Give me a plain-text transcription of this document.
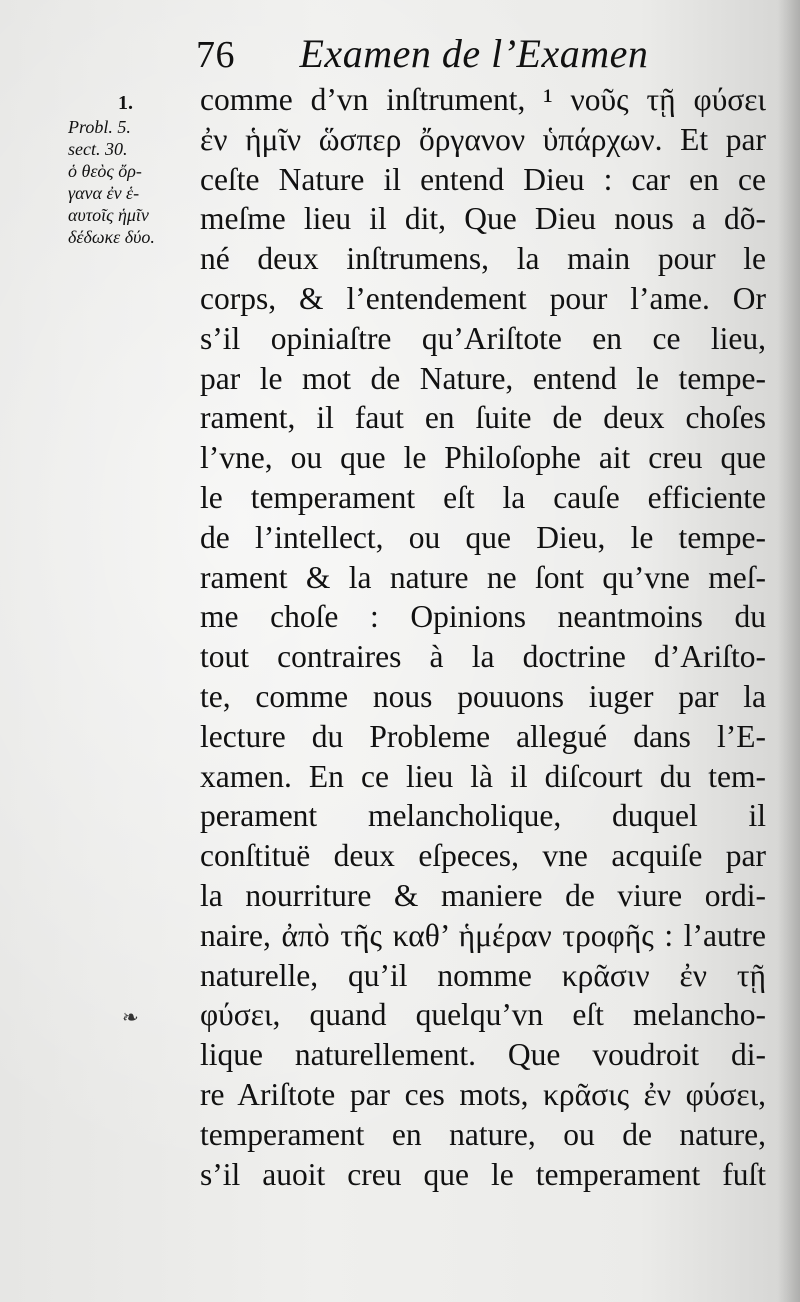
76 Examen de l’Examen
1.
Probl. 5.
sect. 30.
ὁ θεὸς ὄρ-
γανα ἐν ἑ-
αυτοῖς ἡμῖν
δέδωκε δύο.
❧
comme d’vn inſtrument, ¹ νοῦς τῇ φύσει
ἐν ἡμῖν ὥσπερ ὄργανον ὑπάρχων. Et par
ceſte Nature il entend Dieu : car en ce
meſme lieu il dit, Que Dieu nous a dõ-
né deux inſtrumens, la main pour le
corps, & l’entendement pour l’ame. Or
s’il opiniaſtre qu’Ariſtote en ce lieu,
par le mot de Nature, entend le tempe-
rament, il faut en ſuite de deux choſes
l’vne, ou que le Philoſophe ait creu que
le temperament eſt la cauſe efficiente
de l’intellect, ou que Dieu, le tempe-
rament & la nature ne ſont qu’vne meſ-
me choſe : Opinions neantmoins du
tout contraires à la doctrine d’Ariſto-
te, comme nous pouuons iuger par la
lecture du Probleme allegué dans l’E-
xamen. En ce lieu là il diſcourt du tem-
perament melancholique, duquel il
conſtituë deux eſpeces, vne acquiſe par
la nourriture & maniere de viure ordi-
naire, ἀπὸ τῆς καθ’ ἡμέραν τροφῆς : l’autre
naturelle, qu’il nomme κρᾶσιν ἐν τῇ
φύσει, quand quelqu’vn eſt melancho-
lique naturellement. Que voudroit di-
re Ariſtote par ces mots, κρᾶσις ἐν φύσει,
temperament en nature, ou de nature,
s’il auoit creu que le temperament fuſt
